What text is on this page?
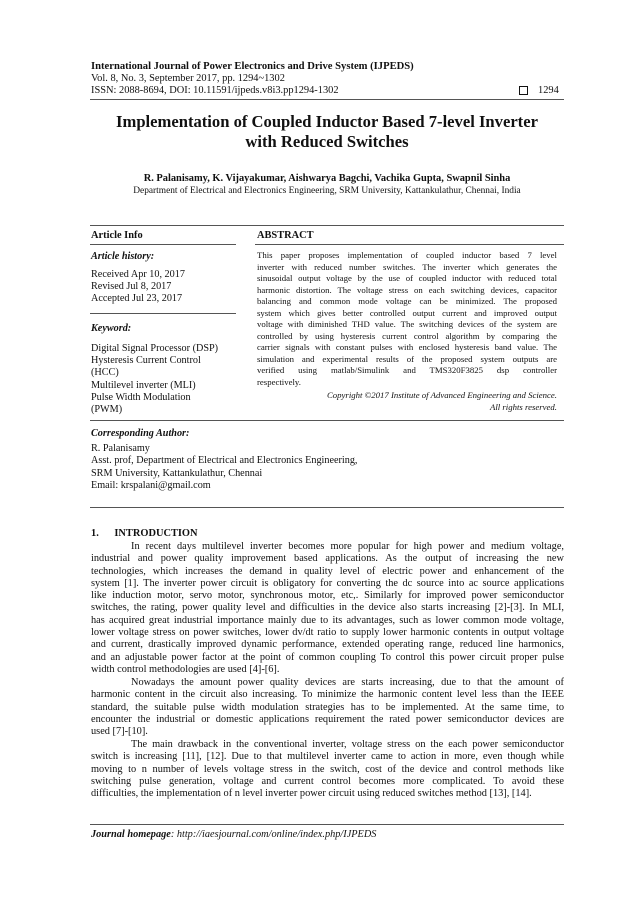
International Journal of Power Electronics and Drive System (IJPEDS)
Vol. 8, No. 3, September 2017, pp. 1294~1302
ISSN: 2088-8694, DOI: 10.11591/ijpeds.v8i3.pp1294-1302	1294
Implementation of Coupled Inductor Based 7-level Inverter
with Reduced Switches
R. Palanisamy, K. Vijayakumar, Aishwarya Bagchi, Vachika Gupta, Swapnil Sinha
Department of Electrical and Electronics Engineering, SRM University, Kattankulathur, Chennai, India
Article Info	ABSTRACT
Article history:
Received Apr 10, 2017
Revised Jul 8, 2017
Accepted Jul 23, 2017
Keyword:
Digital Signal Processor (DSP)
Hysteresis Current Control
(HCC)
Multilevel inverter (MLI)
Pulse Width Modulation
(PWM)
This paper proposes implementation of coupled inductor based 7 level
inverter with reduced number switches. The inverter which generates the
sinusoidal output voltage by the use of coupled inductor with reduced total
harmonic distortion. The voltage stress on each switching devices, capacitor
balancing and common mode voltage can be minimized. The proposed
system which gives better controlled output current and improved output
voltage with diminished THD value. The switching devices of the system are
controlled by using hysteresis current control algorithm by comparing the
carrier signals with constant pulses with enclosed hysteresis band value. The
simulation and experimental results of the proposed system outputs are
verified using matlab/Simulink and TMS320F3825 dsp controller
respectively.
Copyright ©2017 Institute of Advanced Engineering and Science.
All rights reserved.
Corresponding Author:
R. Palanisamy
Asst. prof, Department of Electrical and Electronics Engineering,
SRM University, Kattankulathur, Chennai
Email: krspalani@gmail.com
1.      INTRODUCTION
In recent days multilevel inverter becomes more popular for high power and medium voltage,
industrial and power quality improvement based applications. As the output of increasing the new
technologies, which increases the demand in quality level of electric power and enhancement of the
system [1]. The inverter power circuit is obligatory for converting the dc source into ac source applications
like induction motor, servo motor, synchronous motor, etc,. Similarly for improved power semiconductor
switches, the rating, power quality level and difficulties in the device also starts increasing [2]-[3]. In MLI,
has acquired great industrial importance mainly due to its advantages, such as lower common mode voltage,
lower voltage stress on power switches, lower dv/dt ratio to supply lower harmonic contents in output voltage
and current, drastically improved dynamic performance, extended operating range, reduced line harmonics,
and an adjustable power factor at the point of common coupling To control this power circuit proper pulse
width control methodologies are used [4]-[6].
Nowadays the amount power quality devices are starts increasing, due to that the amount of
harmonic content in the circuit also increasing. To minimize the harmonic content level less than the IEEE
standard, the suitable pulse width modulation strategies has to be implemented. At the same time, to
encounter the industrial or domestic applications requirement the rated power semiconductor devices are
used [7]-[10].
The main drawback in the conventional inverter, voltage stress on the each power semiconductor
switch is increasing [11], [12]. Due to that multilevel inverter came to action in more, even though while
moving to n number of levels voltage stress in the switch, cost of the device and control methods like
switching pulse generation, voltage and current control becomes more complicated. To avoid these
difficulties, the implementation of n level inverter power circuit using reduced switches method [13], [14].
Journal homepage: http://iaesjournal.com/online/index.php/IJPEDS
